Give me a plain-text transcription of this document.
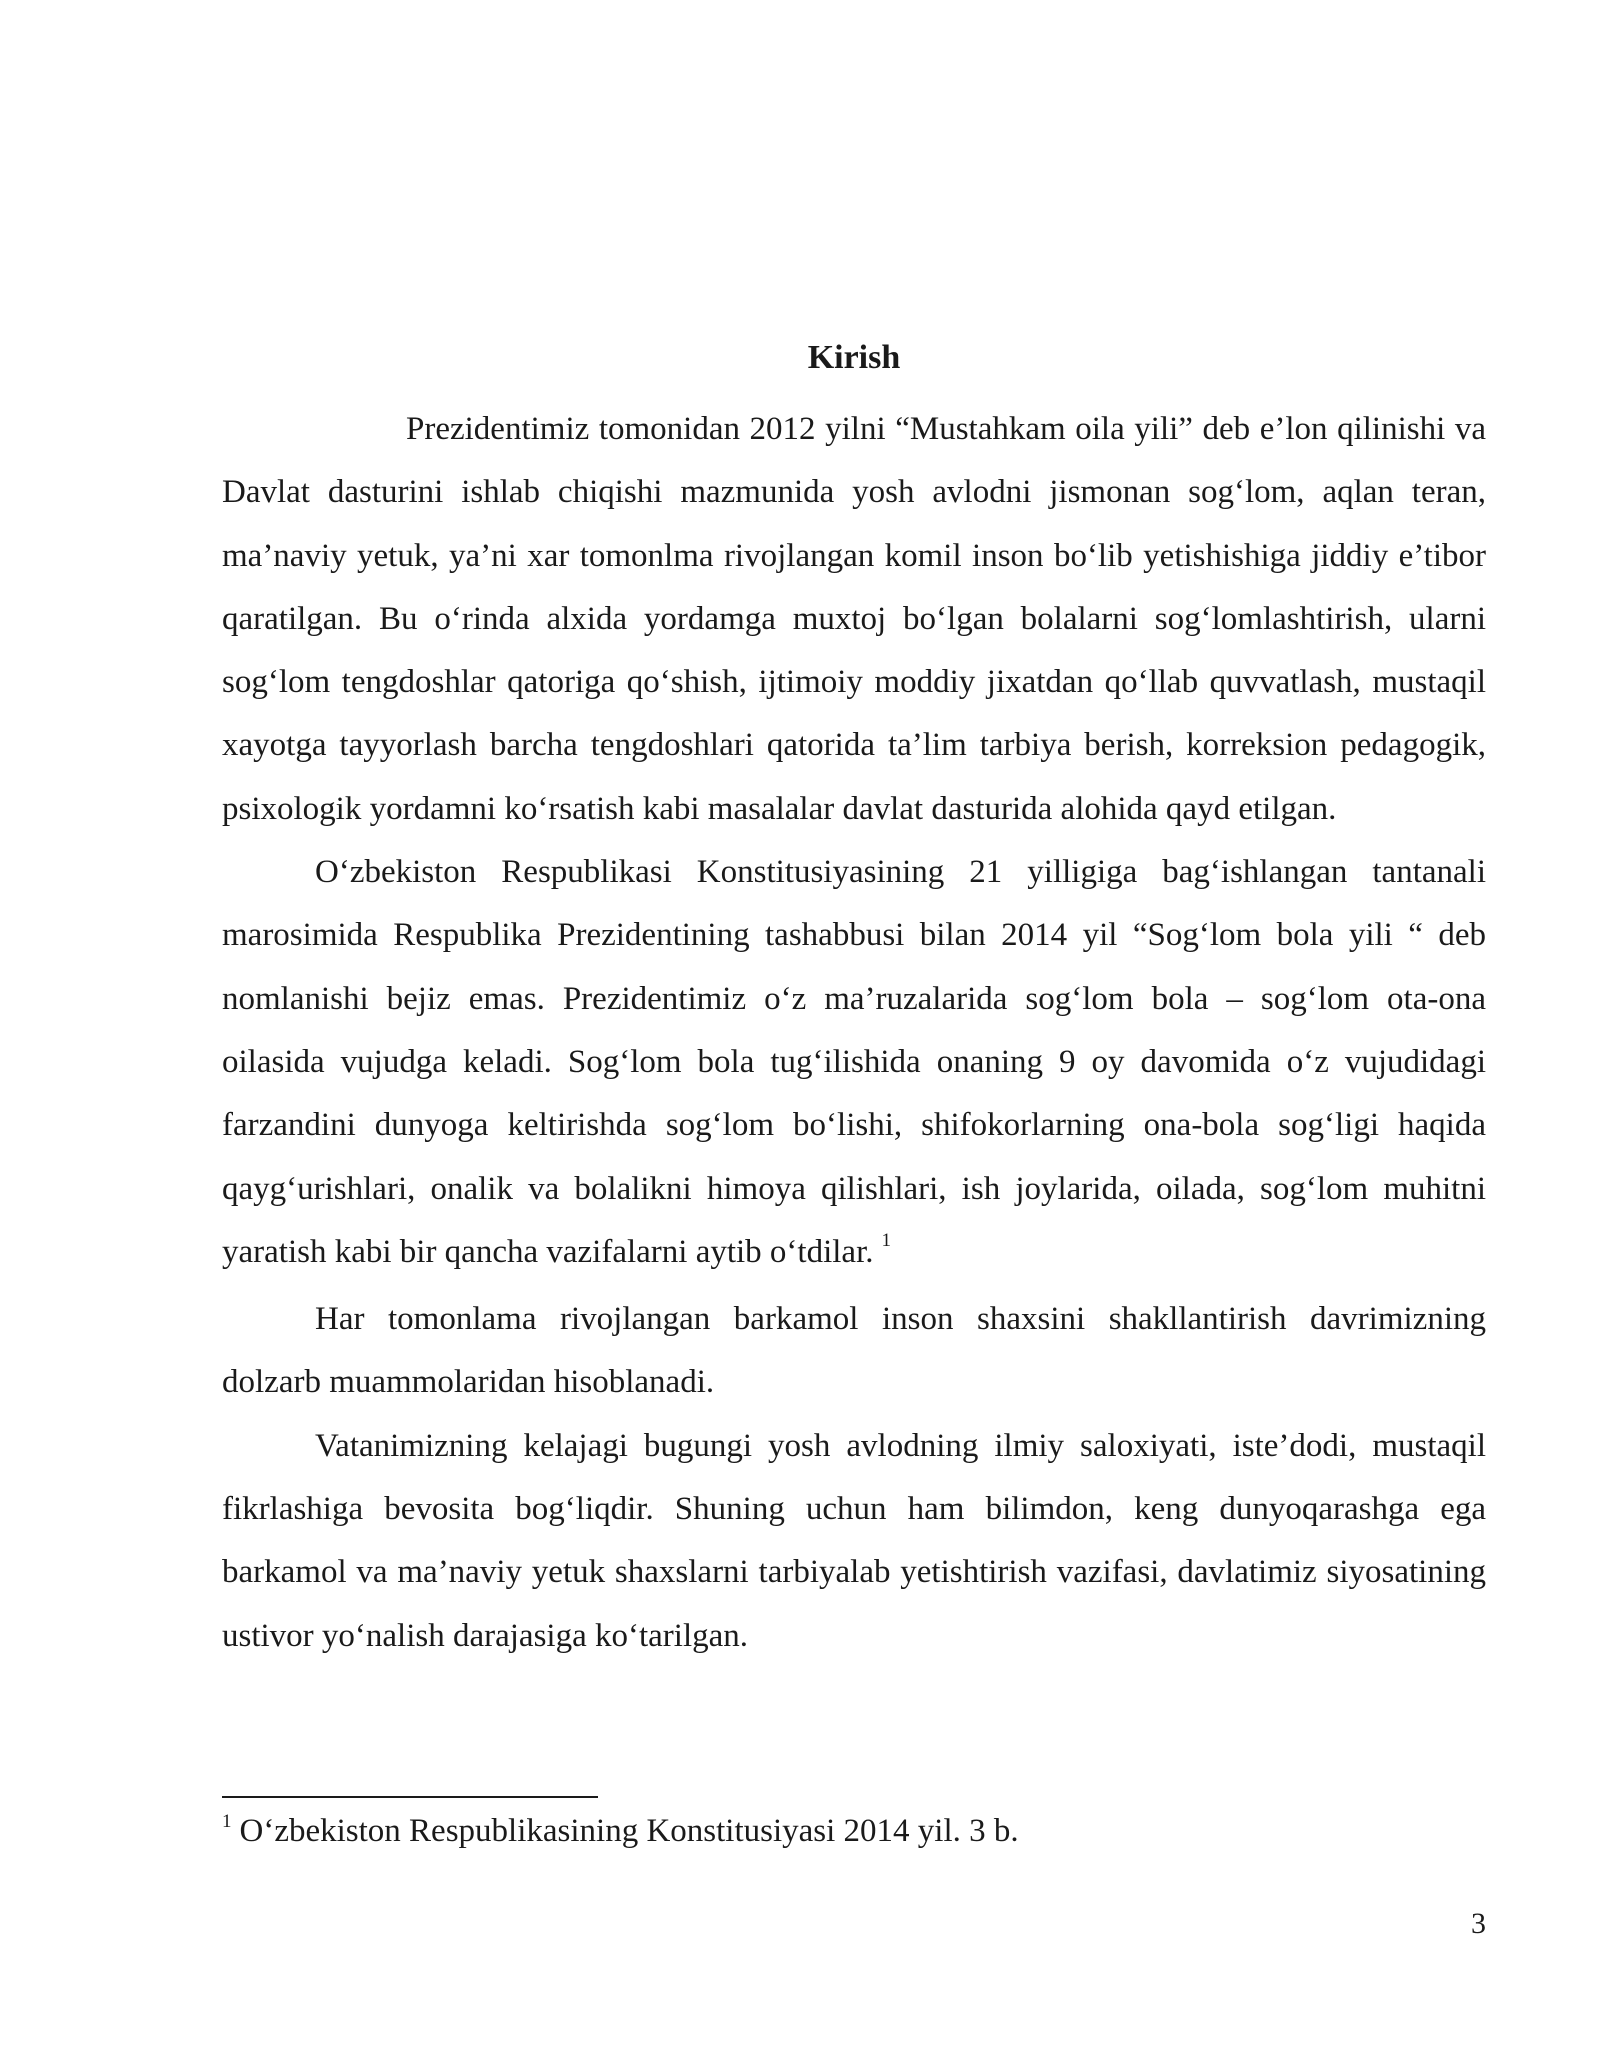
Kirish

Prezidentimiz tomonidan 2012 yilni “Mustahkam oila yili” deb e’lon qilinishi va Davlat dasturini ishlab chiqishi mazmunida yosh avlodni jismonan sog‘lom, aqlan teran, ma’naviy yetuk, ya’ni xar tomonlma rivojlangan komil inson bo‘lib yetishishiga jiddiy e’tibor qaratilgan. Bu o‘rinda alxida yordamga muxtoj bo‘lgan bolalarni sog‘lomlashtirish, ularni sog‘lom tengdoshlar qatoriga qo‘shish, ijtimoiy moddiy jixatdan qo‘llab quvvatlash, mustaqil xayotga tayyorlash barcha tengdoshlari qatorida ta’lim tarbiya berish, korreksion pedagogik, psixologik yordamni ko‘rsatish kabi masalalar davlat dasturida alohida qayd etilgan.

O‘zbekiston Respublikasi Konstitusiyasining 21 yilligiga bag‘ishlangan tantanali marosimida Respublika Prezidentining tashabbusi bilan 2014 yil “Sog‘lom bola yili “ deb nomlanishi bejiz emas. Prezidentimiz o‘z ma’ruzalarida sog‘lom bola – sog‘lom ota-ona oilasida vujudga keladi. Sog‘lom bola tug‘ilishida onaning 9 oy davomida o‘z vujudidagi farzandini dunyoga keltirishda sog‘lom bo‘lishi, shifokorlarning ona-bola sog‘ligi haqida qayg‘urishlari, onalik va bolalikni himoya qilishlari, ish joylarida, oilada, sog‘lom muhitni yaratish kabi bir qancha vazifalarni aytib o‘tdilar. $^1$

Har tomonlama rivojlangan barkamol inson shaxsini shakllantirish davrimizning dolzarb muammolaridan hisoblanadi.

Vatanimizning kelajagi bugungi yosh avlodning ilmiy saloxiyati, iste’dodi, mustaqil fikrlashiga bevosita bog‘liqdir. Shuning uchun ham bilimdon, keng dunyoqarashga ega barkamol va ma’naviy yetuk shaxslarni tarbiyalab yetishtirish vazifasi, davlatimiz siyosatining ustivor yo‘nalish darajasiga ko‘tarilgan.

$^1$ O‘zbekiston Respublikasining Konstitusiyasi 2014 yil. 3 b.

3
